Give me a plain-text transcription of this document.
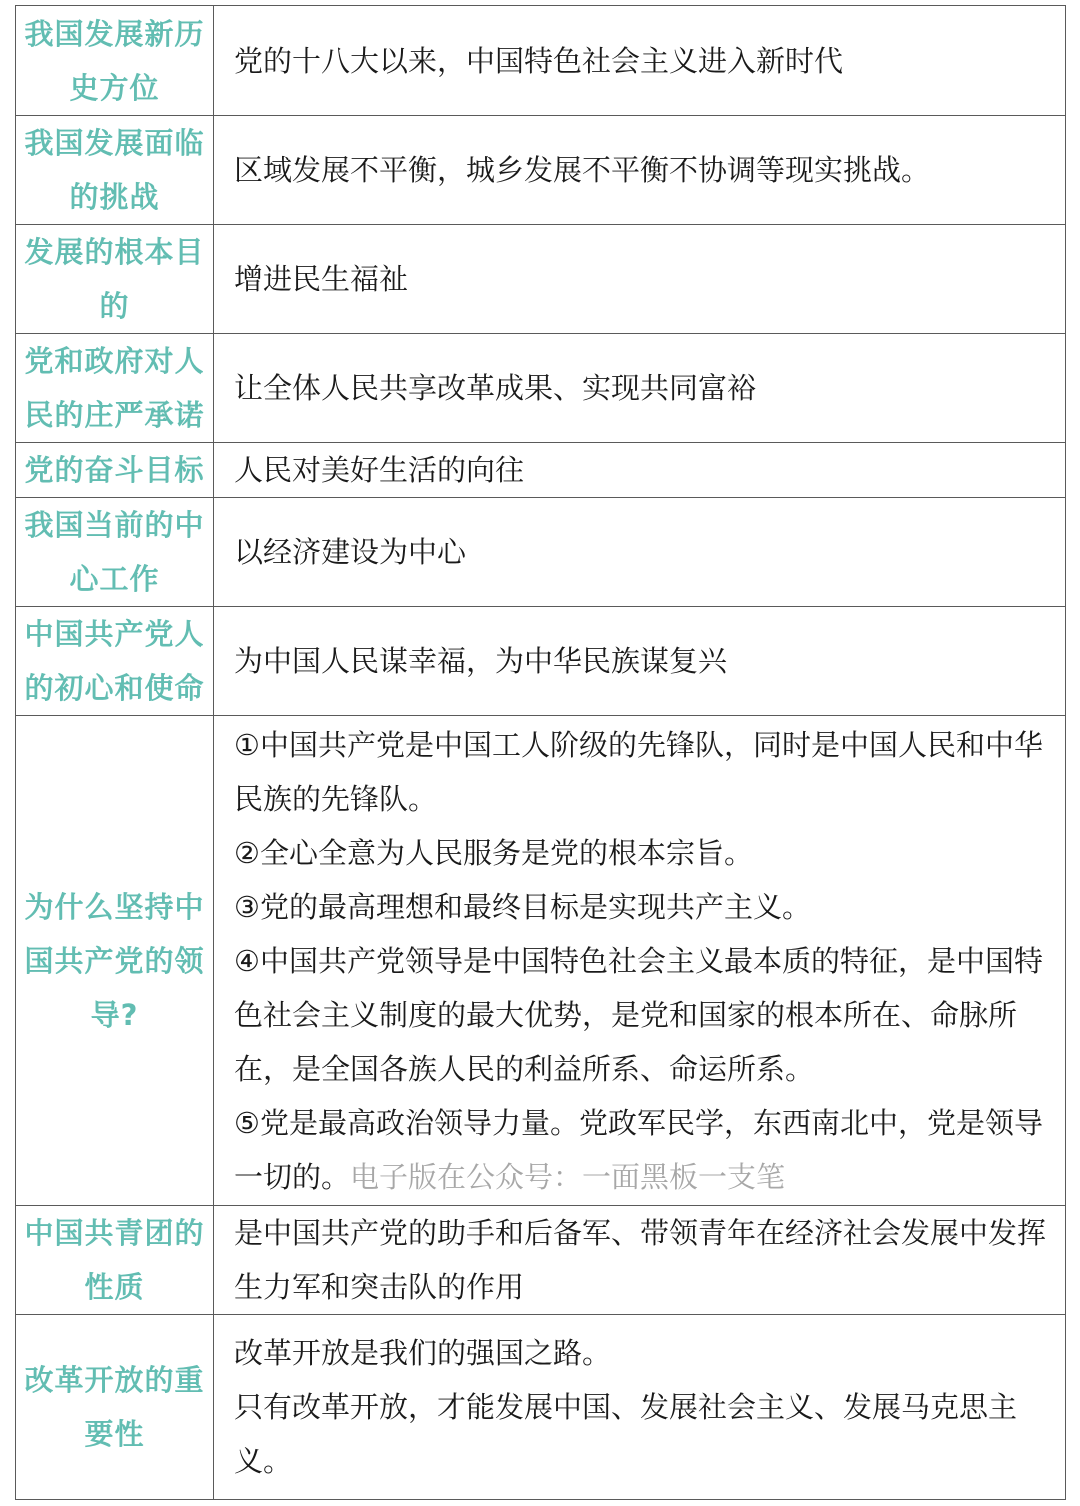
我国发展新历史方位	党的十八大以来，中国特色社会主义进入新时代

我国发展面临的挑战	区域发展不平衡，城乡发展不平衡不协调等现实挑战。

发展的根本目的	增进民生福祉

党和政府对人民的庄严承诺	让全体人民共享改革成果、实现共同富裕

党的奋斗目标	人民对美好生活的向往

我国当前的中心工作	以经济建设为中心

中国共产党人的初心和使命	为中国人民谋幸福，为中华民族谋复兴

为什么坚持中国共产党的领导?	①中国共产党是中国工人阶级的先锋队，同时是中国人民和中华民族的先锋队。
②全心全意为人民服务是党的根本宗旨。
③党的最高理想和最终目标是实现共产主义。
④中国共产党领导是中国特色社会主义最本质的特征，是中国特色社会主义制度的最大优势，是党和国家的根本所在、命脉所在，是全国各族人民的利益所系、命运所系。
⑤党是最高政治领导力量。党政军民学，东西南北中，党是领导一切的。电子版在公众号：一面黑板一支笔

中国共青团的性质	是中国共产党的助手和后备军、带领青年在经济社会发展中发挥生力军和突击队的作用

改革开放的重要性	改革开放是我们的强国之路。
只有改革开放，才能发展中国、发展社会主义、发展马克思主义。
